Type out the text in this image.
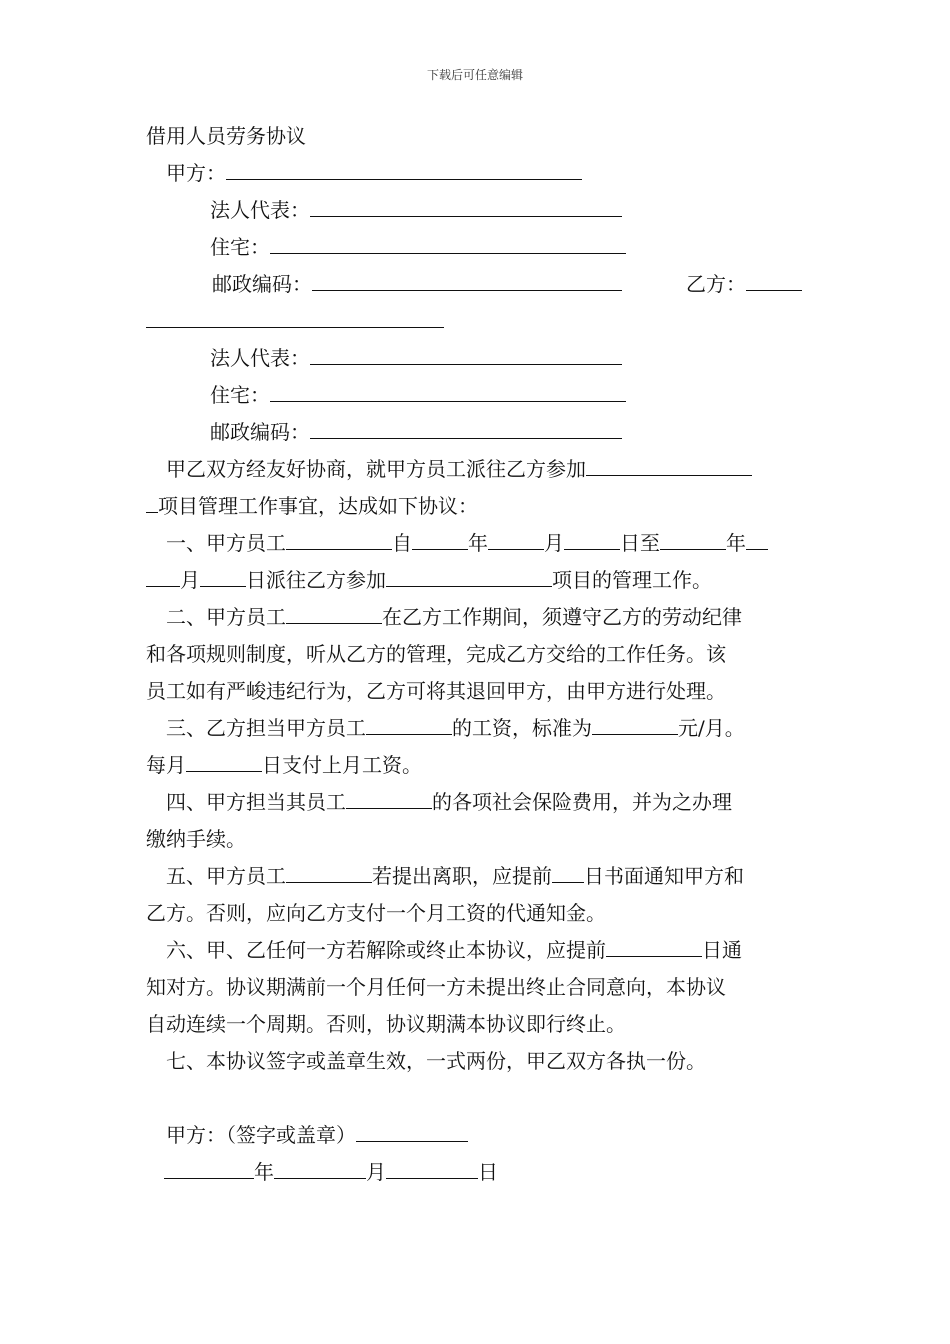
下载后可任意编辑
借用人员劳务协议
甲方：
法人代表：
住宅：
邮政编码：	乙方：
法人代表：
住宅：
邮政编码：
甲乙双方经友好协商，就甲方员工派往乙方参加
项目管理工作事宜，达成如下协议：
一、甲方员工	自	年	月	日至	年
月 日派往乙方参加	项目的管理工作。
二、甲方员工	在乙方工作期间，须遵守乙方的劳动纪律
和各项规则制度，听从乙方的管理，完成乙方交给的工作任务。该
员工如有严峻违纪行为，乙方可将其退回甲方，由甲方进行处理。
三、乙方担当甲方员工	的工资，标准为	元/月。
每月	日支付上月工资。
四、甲方担当其员工	的各项社会保险费用，并为之办理
缴纳手续。
五、甲方员工	若提出离职，应提前 日书面通知甲方和
乙方。否则，应向乙方支付一个月工资的代通知金。
六、甲、乙任何一方若解除或终止本协议，应提前	日通
知对方。协议期满前一个月任何一方未提出终止合同意向，本协议
自动连续一个周期。否则，协议期满本协议即行终止。
七、本协议签字或盖章生效，一式两份，甲乙双方各执一份。
甲方：（签字或盖章）
年	月	日
